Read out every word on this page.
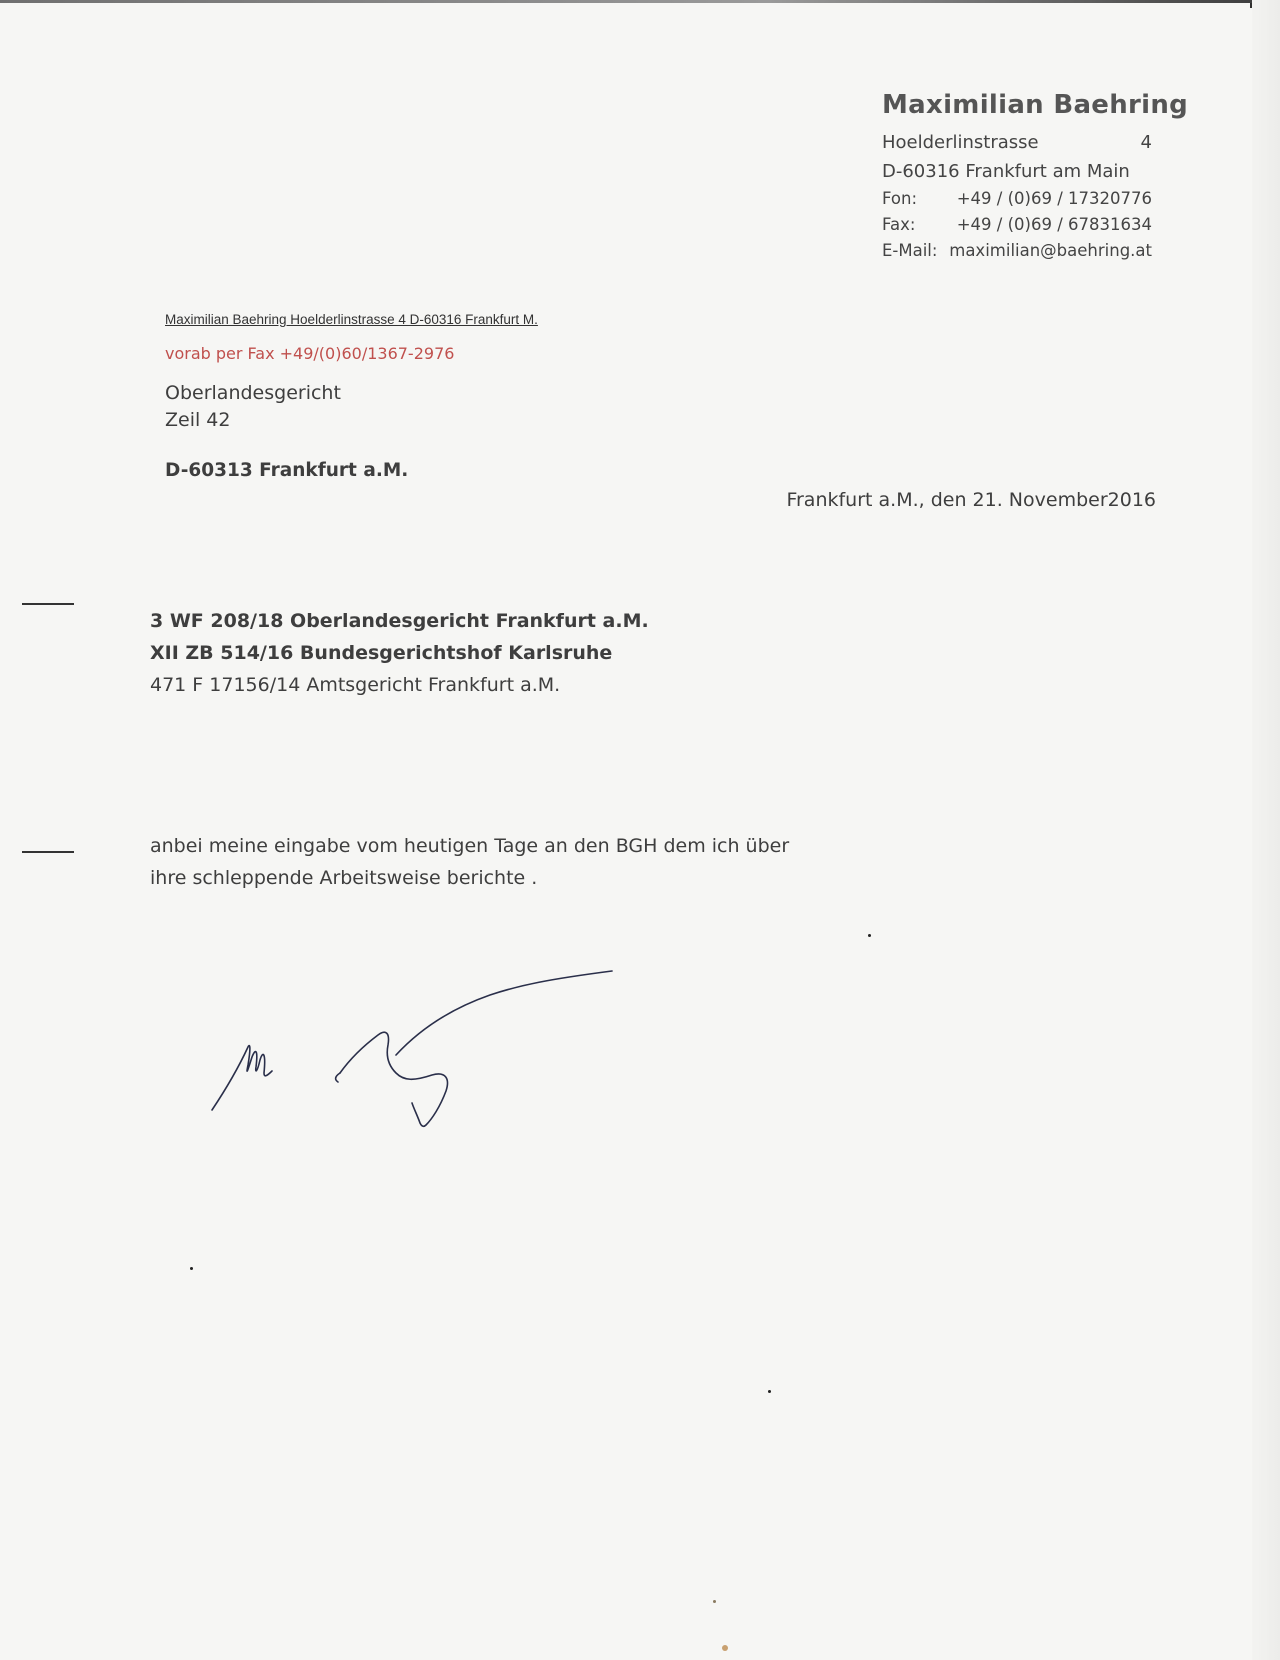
Maximilian Baehring
Hoelderlinstrasse	4
D-60316 Frankfurt am Main
Fon:	+49 / (0)69 / 17320776
Fax:	+49 / (0)69 / 67831634
E-Mail: maximilian@baehring.at
Maximilian Baehring Hoelderlinstrasse 4 D-60316 Frankfurt M.
vorab per Fax +49/(0)60/1367-2976
Oberlandesgericht
Zeil 42
D-60313 Frankfurt a.M.
Frankfurt a.M., den 21. November2016
3 WF 208/18 Oberlandesgericht Frankfurt a.M.
XII ZB 514/16 Bundesgerichtshof Karlsruhe
471 F 17156/14 Amtsgericht Frankfurt a.M.
anbei meine eingabe vom heutigen Tage an den BGH dem ich über
ihre schleppende Arbeitsweise berichte .
